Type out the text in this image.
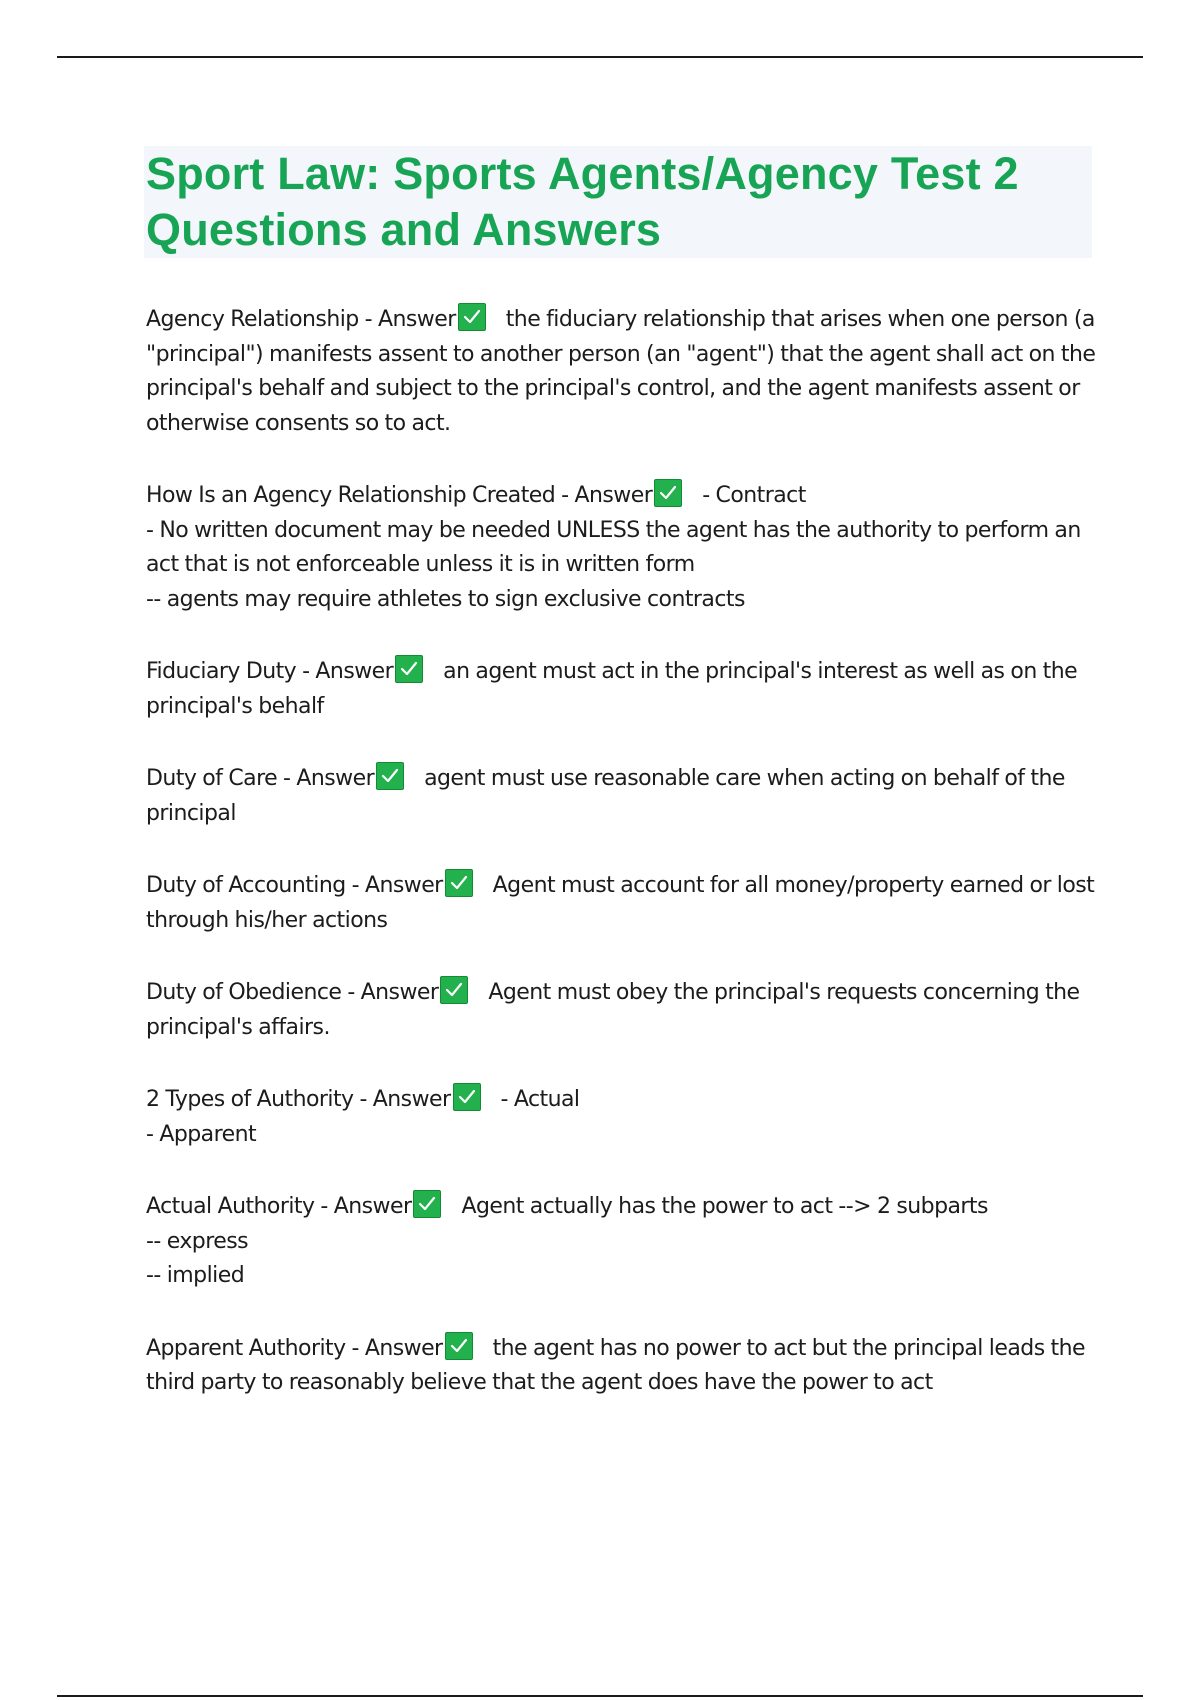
Sport Law: Sports Agents/Agency Test 2 Questions and Answers

Agency Relationship - Answer the fiduciary relationship that arises when one person (a "principal") manifests assent to another person (an "agent") that the agent shall act on the principal's behalf and subject to the principal's control, and the agent manifests assent or otherwise consents so to act.

How Is an Agency Relationship Created - Answer - Contract
- No written document may be needed UNLESS the agent has the authority to perform an act that is not enforceable unless it is in written form
-- agents may require athletes to sign exclusive contracts

Fiduciary Duty - Answer an agent must act in the principal's interest as well as on the principal's behalf

Duty of Care - Answer agent must use reasonable care when acting on behalf of the principal

Duty of Accounting - Answer Agent must account for all money/property earned or lost through his/her actions

Duty of Obedience - Answer Agent must obey the principal's requests concerning the principal's affairs.

2 Types of Authority - Answer - Actual
- Apparent

Actual Authority - Answer Agent actually has the power to act --> 2 subparts
-- express
-- implied

Apparent Authority - Answer the agent has no power to act but the principal leads the third party to reasonably believe that the agent does have the power to act
